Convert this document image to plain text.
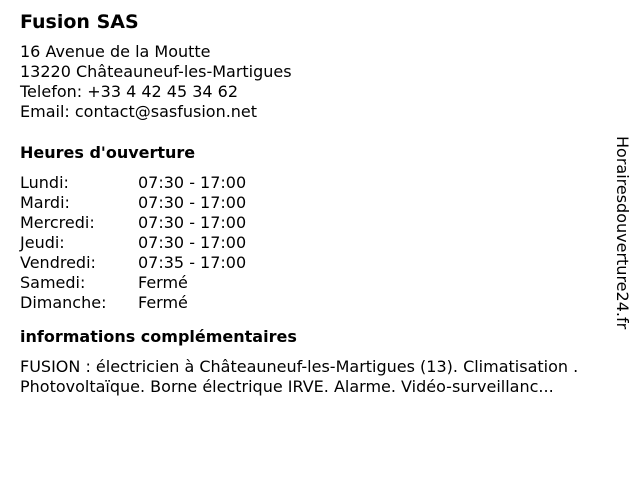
Fusion SAS
16 Avenue de la Moutte
13220 Châteauneuf-les-Martigues
Telefon: +33 4 42 45 34 62
Email: contact@sasfusion.net
Heures d'ouverture
Lundi:	07:30 - 17:00
Mardi:	07:30 - 17:00
Mercredi:	07:30 - 17:00
Jeudi:	07:30 - 17:00
Vendredi:	07:35 - 17:00
Samedi:	Fermé
Dimanche:	Fermé
informations complémentaires
FUSION : électricien à Châteauneuf-les-Martigues (13). Climatisation . Photovoltaïque. Borne électrique IRVE. Alarme. Vidéo-surveillanc...
Horairesdouverture24.fr
